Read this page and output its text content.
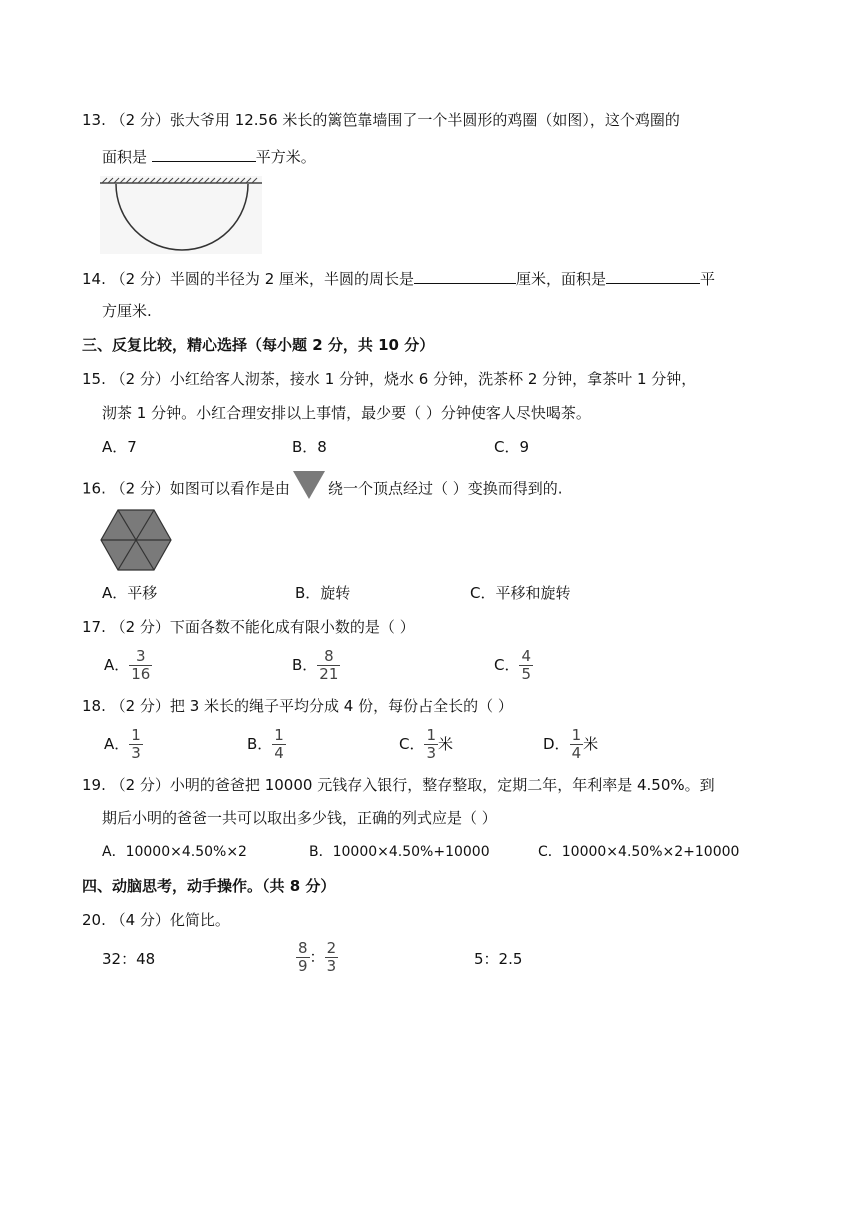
13. （2 分）张大爷用 12.56 米长的篱笆靠墙围了一个半圆形的鸡圈（如图），这个鸡圈的
面积是	平方米。
14. （2 分）半圆的半径为 2 厘米，半圆的周长是	厘米，面积是	平
方厘米.
三、反复比较，精心选择（每小题 2 分，共 10 分）
15. （2 分）小红给客人沏茶，接水 1 分钟，烧水 6 分钟，洗茶杯 2 分钟，拿茶叶 1 分钟，
沏茶 1 分钟。小红合理安排以上事情，最少要（ ）分钟使客人尽快喝茶。
A．7	B．8	C．9
16. （2 分）如图可以看作是由	绕一个顶点经过（ ）变换而得到的.
A．平移	B．旋转	C．平移和旋转
17. （2 分）下面各数不能化成有限小数的是（ ）
A． $\frac{3}{16}$	B． $\frac{8}{21}$	C． $\frac{4}{5}$
18. （2 分）把 3 米长的绳子平均分成 4 份，每份占全长的（ ）
A． $\frac{1}{3}$	B． $\frac{1}{4}$	C． $\frac{1}{3}$ 米	D． $\frac{1}{4}$ 米
19. （2 分）小明的爸爸把 10000 元钱存入银行，整存整取，定期二年，年利率是 4.50%。到
期后小明的爸爸一共可以取出多少钱，正确的列式应是（ ）
A．10000×4.50%×2	B．10000×4.50%+10000	C．10000×4.50%×2+10000
四、动脑思考，动手操作。（共 8 分）
20. （4 分）化简比。
32：48	$\frac{8}{9}$ ： $\frac{2}{3}$	5：2.5
